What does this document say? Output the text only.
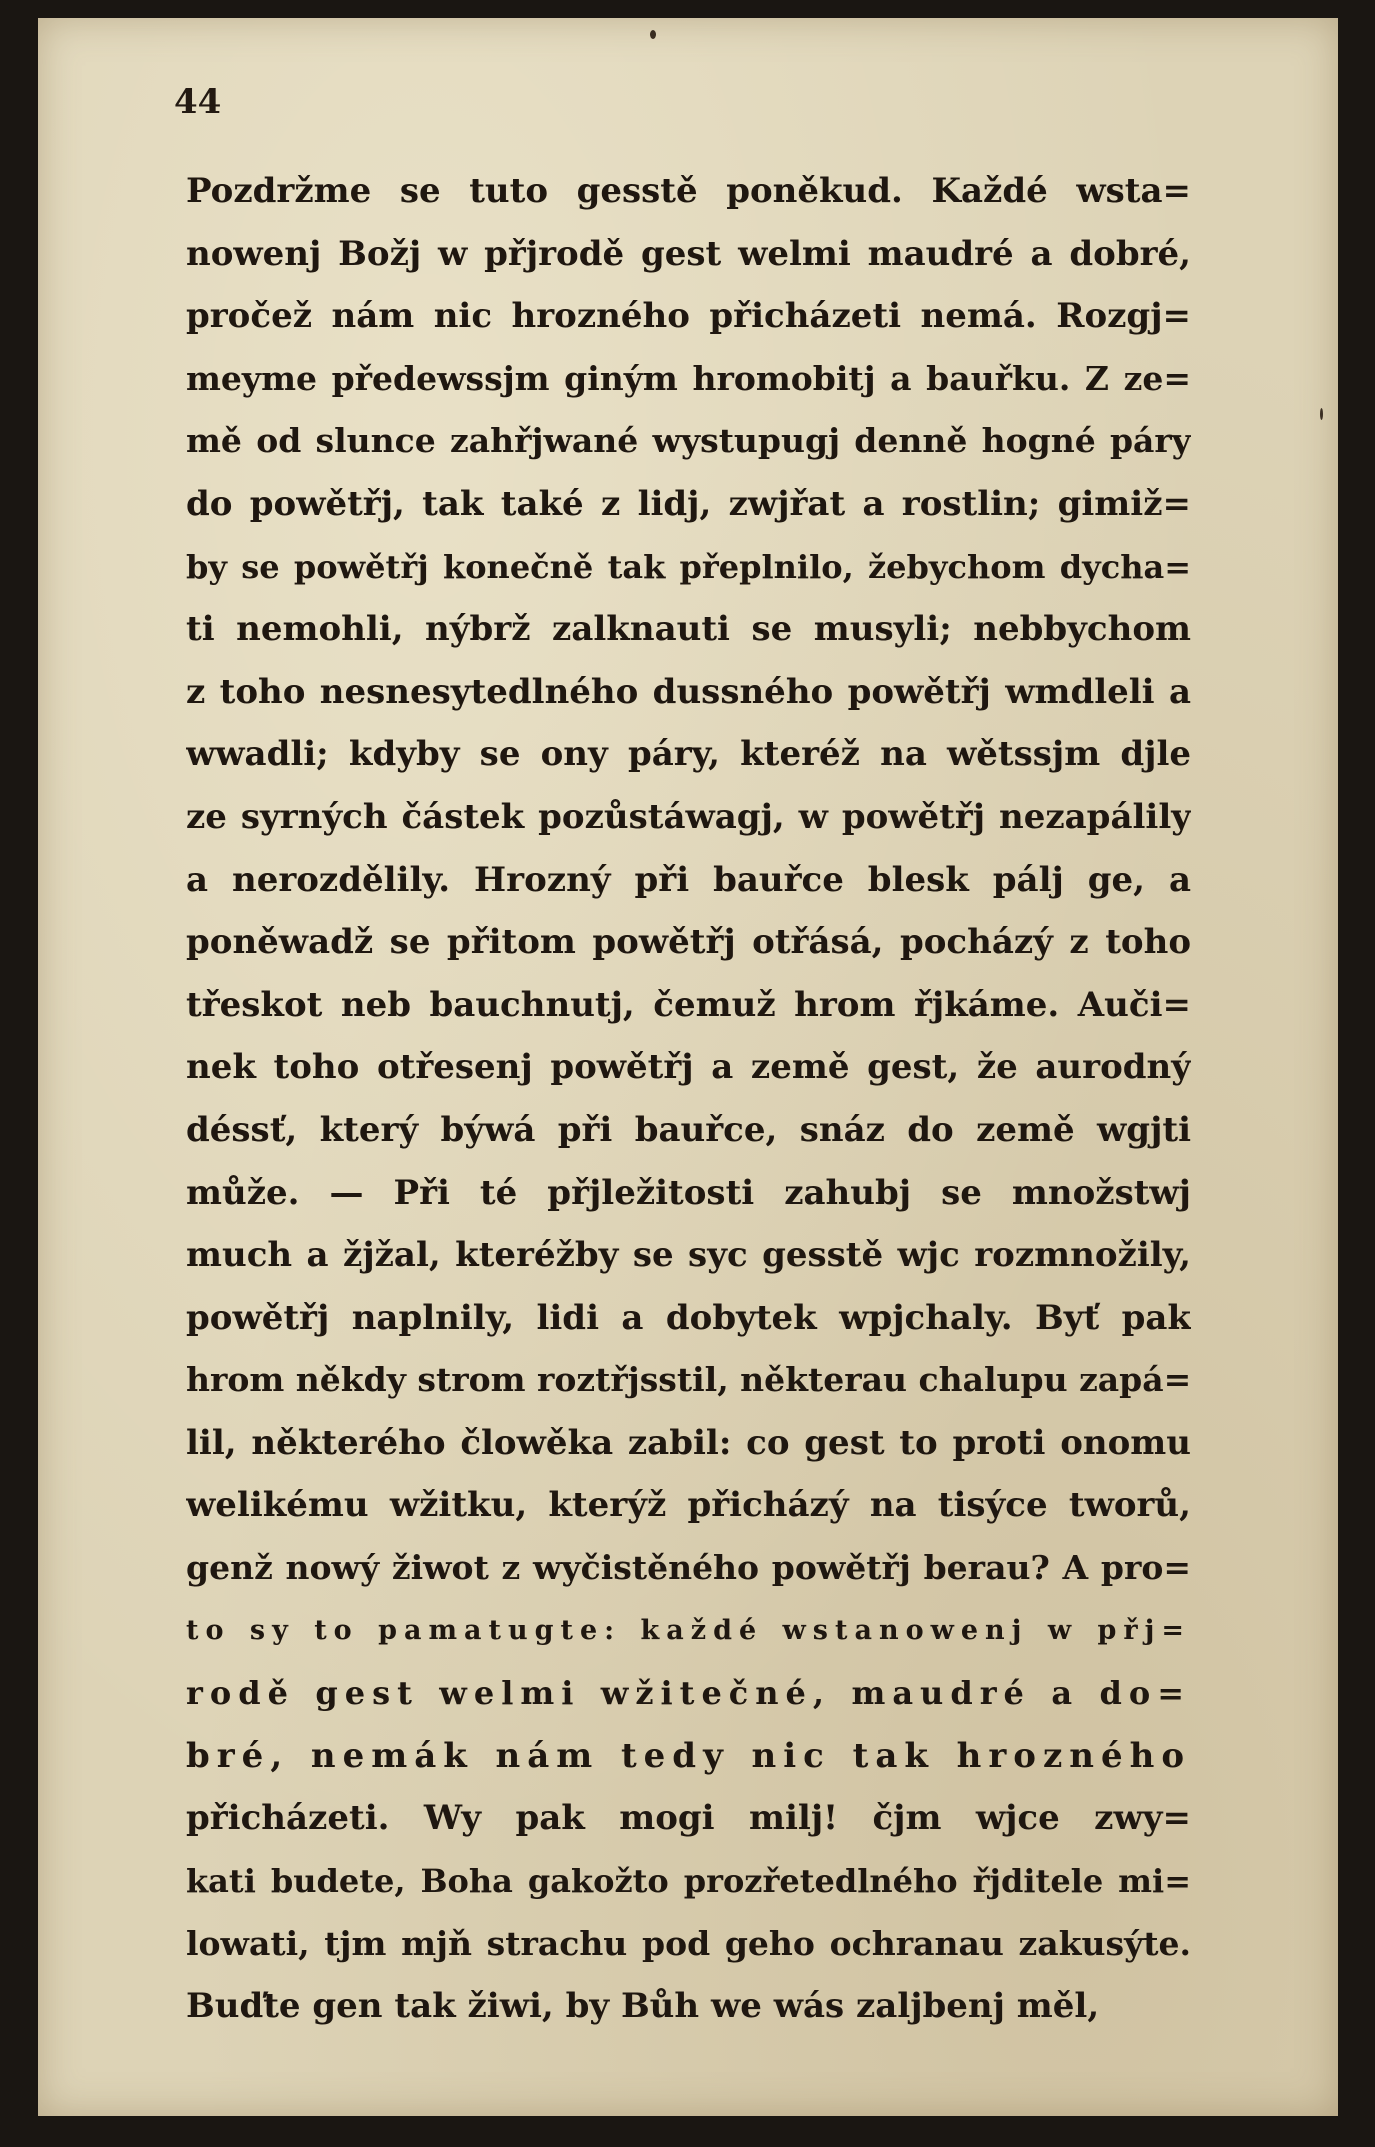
44
Pozdržme se tuto gesstě poněkud. Každé wsta=
nowenj Božj w přjrodě gest welmi maudré a dobré,
pročež nám nic hrozného přicházeti nemá. Rozgj=
meyme předewssjm giným hromobitj a bauřku. Z ze=
mě od slunce zahřjwané wystupugj denně hogné páry
do powětřj, tak také z lidj, zwjřat a rostlin; gimiž=
by se powětřj konečně tak přeplnilo, žebychom dycha=
ti nemohli, nýbrž zalknauti se musyli; nebbychom
z toho nesnesytedlného dussného powětřj wmdleli a
wwadli; kdyby se ony páry, kteréž na wětssjm djle
ze syrných částek pozůstáwagj, w powětřj nezapálily
a nerozdělily. Hrozný při bauřce blesk pálj ge, a
poněwadž se přitom powětřj otřásá, pocházý z toho
třeskot neb bauchnutj, čemuž hrom řjkáme. Auči=
nek toho otřesenj powětřj a země gest, že aurodný
déssť, který býwá při bauřce, snáz do země wgjti
může. — Při té přjležitosti zahubj se množstwj
much a žjžal, kteréžby se syc gesstě wjc rozmnožily,
powětřj naplnily, lidi a dobytek wpjchaly. Byť pak
hrom někdy strom roztřjsstil, některau chalupu zapá=
lil, některého člowěka zabil: co gest to proti onomu
welikému wžitku, kterýž přicházý na tisýce tworů,
genž nowý žiwot z wyčistěného powětřj berau? A pro=
to sy to pamatugte: každé wstanowenj w přj=
rodě gest welmi wžitečné, maudré a do=
bré, nemák nám tedy nic tak hrozného
přicházeti. Wy pak mogi milj! čjm wjce zwy=
kati budete, Boha gakožto prozřetedlného řjditele mi=
lowati, tjm mjň strachu pod geho ochranau zakusýte.
Buďte gen tak žiwi, by Bůh we wás zaljbenj měl,
